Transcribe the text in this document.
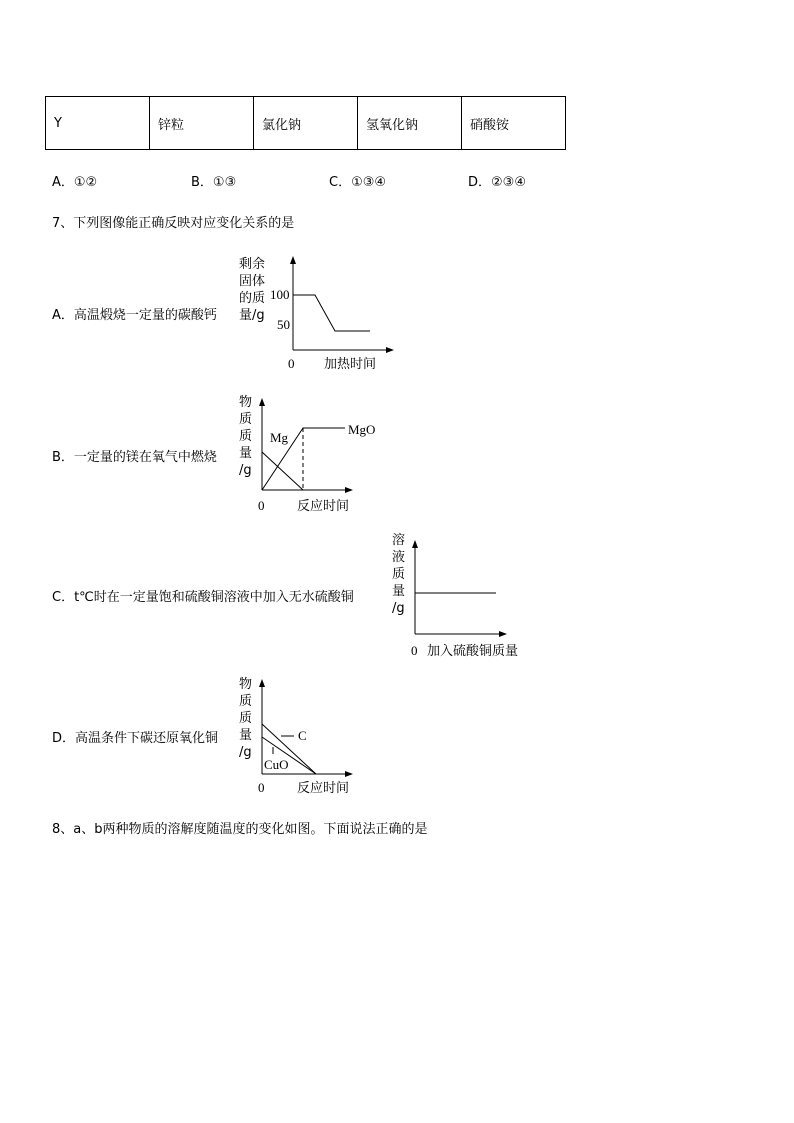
Y	锌粒	氯化钠	氢氧化钠	硝酸铵
A．①②	B．①③	C．①③④	D．②③④
7、下列图像能正确反映对应变化关系的是
A．高温煅烧一定量的碳酸钙
剩余
固体
的质
量/g
100
50
0 加热时间
B．一定量的镁在氧气中燃烧
物
质
质
量
/g
Mg
MgO
0	反应时间
C．t℃时在一定量饱和硫酸铜溶液中加入无水硫酸铜
溶
液
质
量
/g
0 加入硫酸铜质量
D．高温条件下碳还原氧化铜
物
质
质
量
/g
C
CuO
0	反应时间
8、a、b两种物质的溶解度随温度的变化如图。下面说法正确的是
